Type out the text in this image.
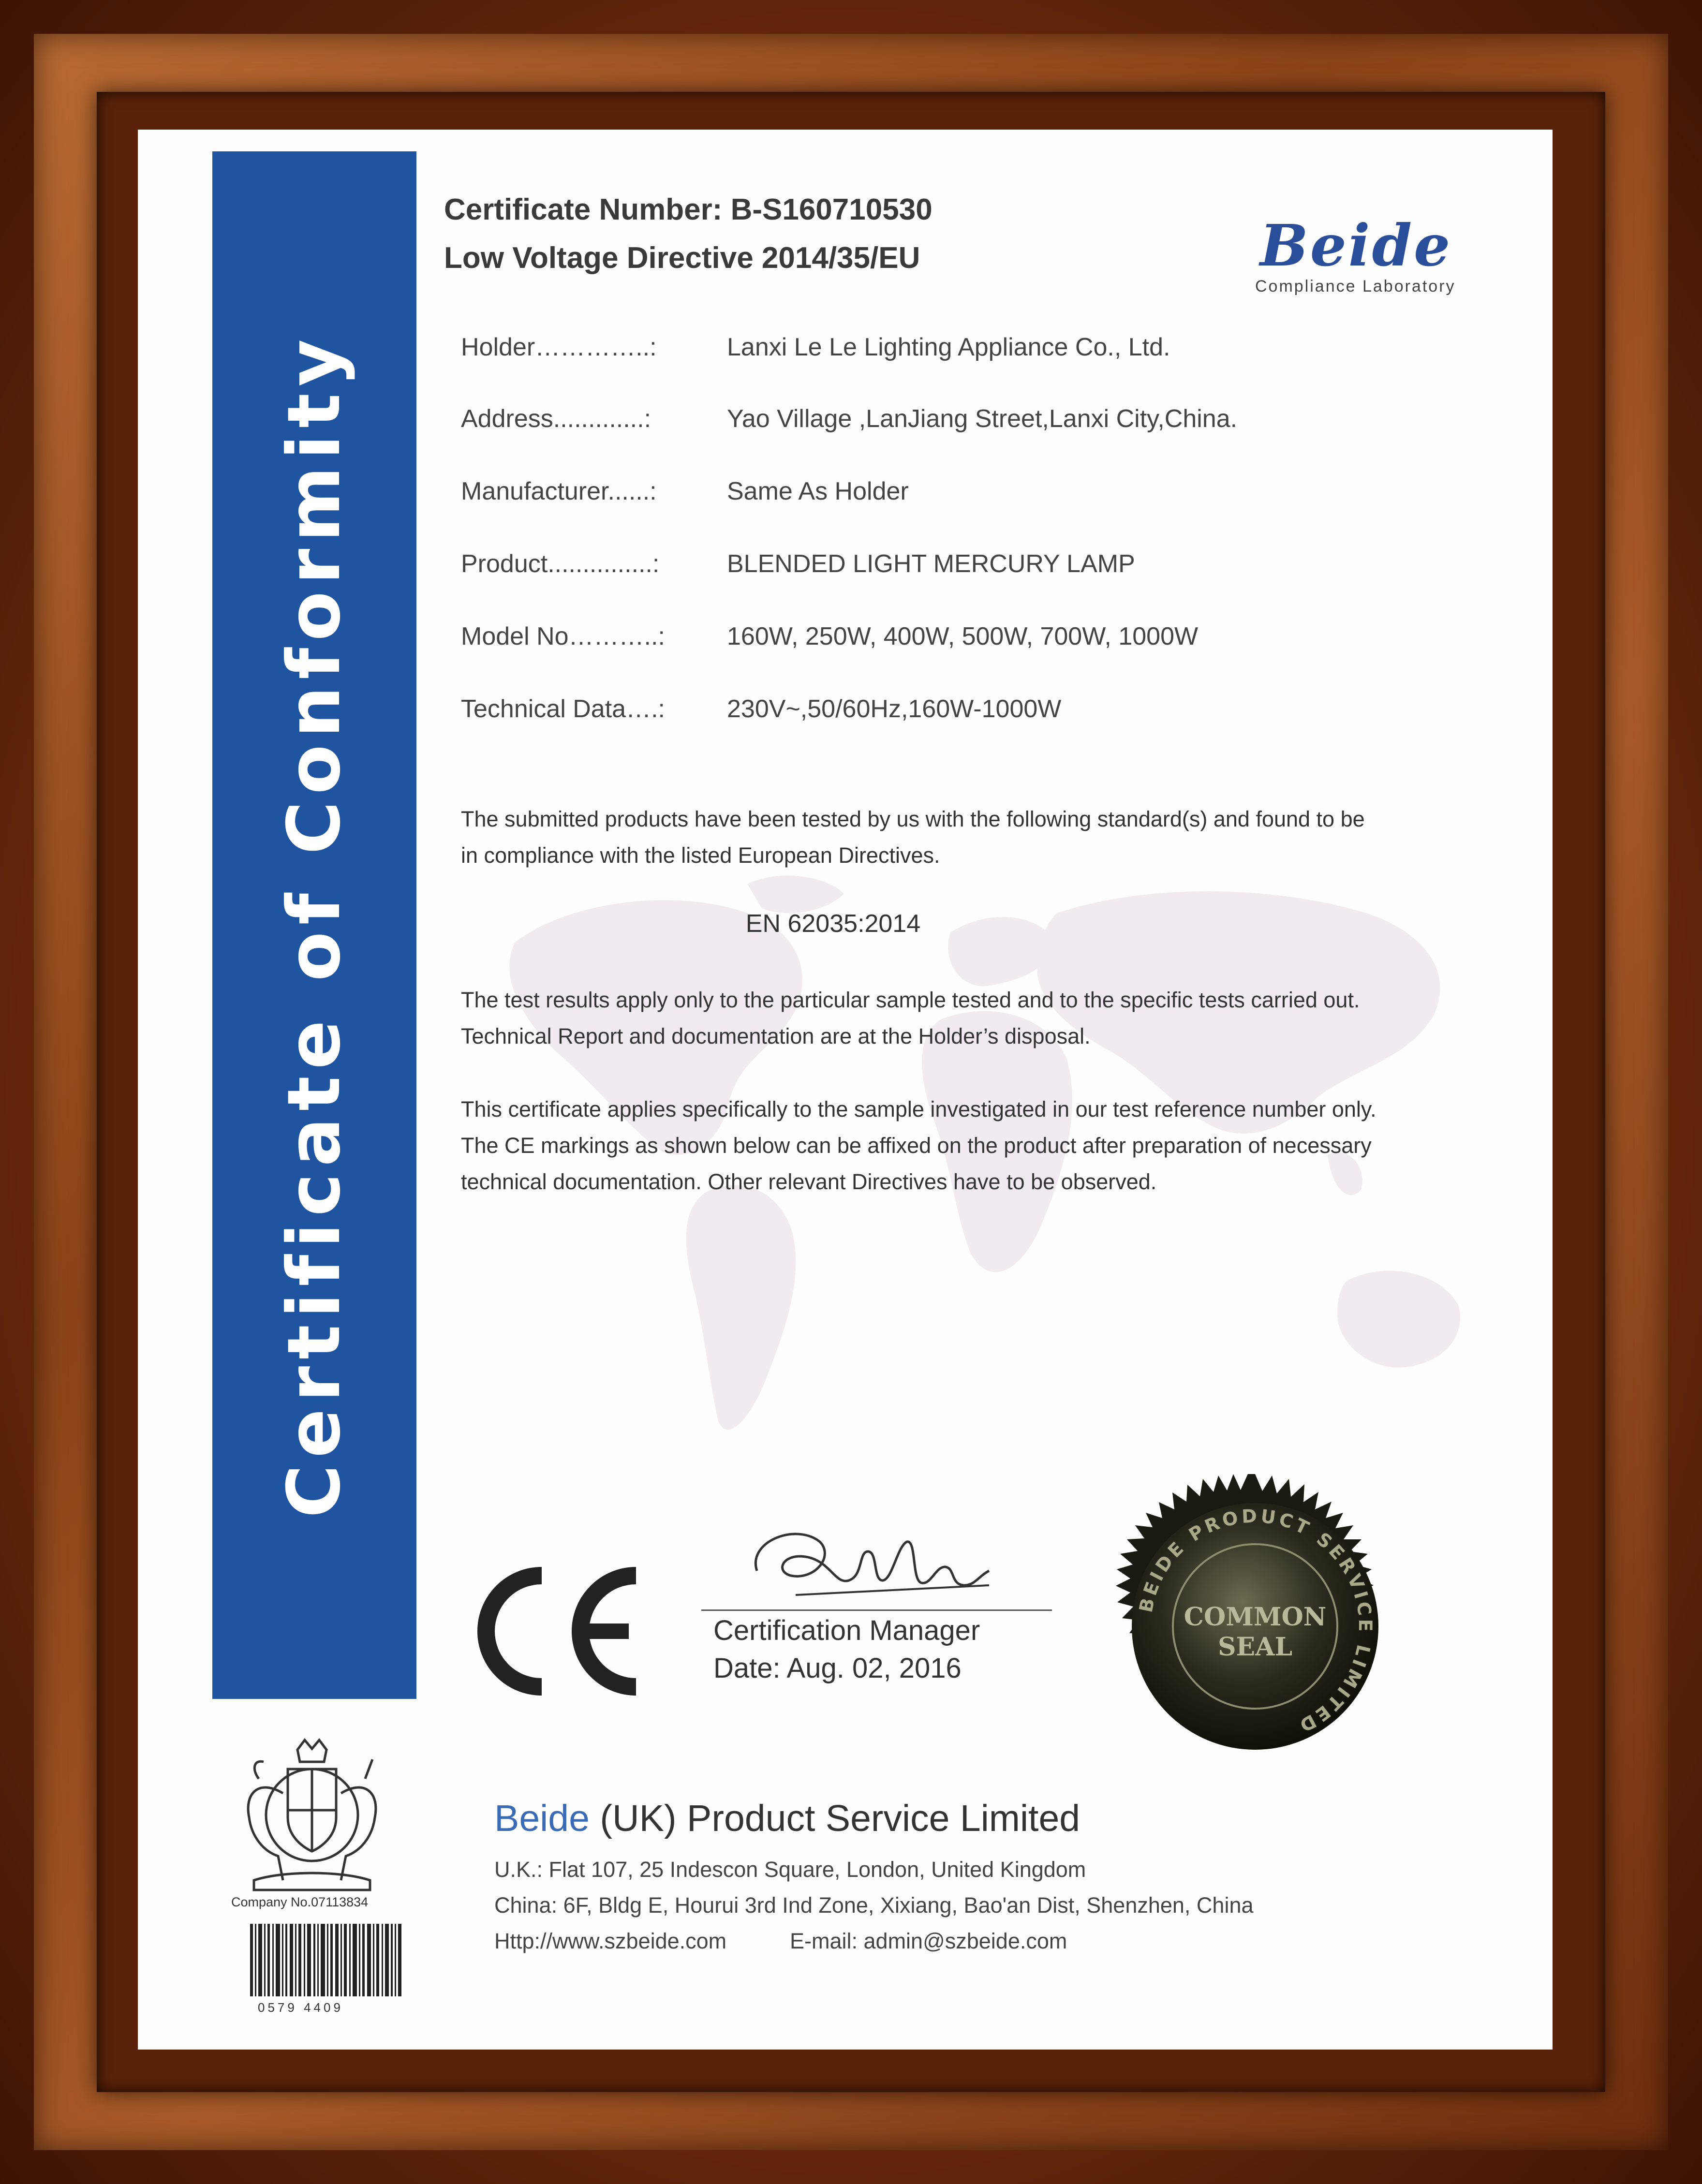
Certificate of Conformity
Certificate Number: B-S160710530
Low Voltage Directive 2014/35/EU	Beide
Compliance Laboratory
Holder…………..:	Lanxi Le Le Lighting Appliance Co., Ltd.
Address.............:	Yao Village ,LanJiang Street,Lanxi City,China.
Manufacturer......:	Same As Holder
Product...............:	BLENDED LIGHT MERCURY LAMP
Model No………..: 160W, 250W, 400W, 500W, 700W, 1000W
Technical Data….: 230V~,50/60Hz,160W-1000W
The submitted products have been tested by us with the following standard(s) and found to be
in compliance with the listed European Directives.
EN 62035:2014
The test results apply only to the particular sample tested and to the specific tests carried out.
Technical Report and documentation are at the Holder’s disposal.
This certificate applies specifically to the sample investigated in our test reference number only.
The CE markings as shown below can be affixed on the product after preparation of necessary
technical documentation. Other relevant Directives have to be observed.
Certification Manager
Date: Aug. 02, 2016
BEIDE PRODUCT SERVICE LIMITED
COMMON
SEAL
Company No.07113834
0579 4409
Beide (UK) Product Service Limited
U.K.: Flat 107, 25 Indescon Square, London, United Kingdom
China: 6F, Bldg E, Hourui 3rd Ind Zone, Xixiang, Bao'an Dist, Shenzhen, China
Http://www.szbeide.com	E-mail: admin@szbeide.com
